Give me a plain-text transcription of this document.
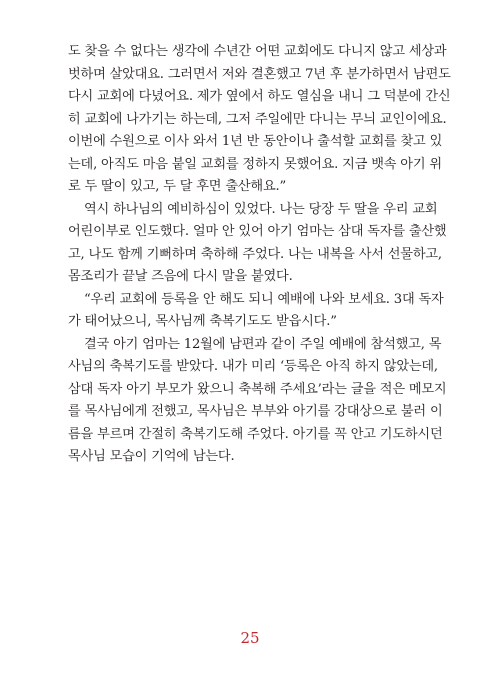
도 찾을 수 없다는 생각에 수년간 어떤 교회에도 다니지 않고 세상과
벗하며 살았대요. 그러면서 저와 결혼했고 7년 후 분가하면서 남편도
다시 교회에 다녔어요. 제가 옆에서 하도 열심을 내니 그 덕분에 간신
히 교회에 나가기는 하는데, 그저 주일에만 다니는 무늬 교인이에요.
이번에 수원으로 이사 와서 1년 반 동안이나 출석할 교회를 찾고 있
는데, 아직도 마음 붙일 교회를 정하지 못했어요. 지금 뱃속 아기 위
로 두 딸이 있고, 두 달 후면 출산해요.”

역시 하나님의 예비하심이 있었다. 나는 당장 두 딸을 우리 교회
어린이부로 인도했다. 얼마 안 있어 아기 엄마는 삼대 독자를 출산했
고, 나도 함께 기뻐하며 축하해 주었다. 나는 내복을 사서 선물하고,
몸조리가 끝날 즈음에 다시 말을 붙였다.

“우리 교회에 등록을 안 해도 되니 예배에 나와 보세요. 3대 독자
가 태어났으니, 목사님께 축복기도도 받읍시다.”

결국 아기 엄마는 12월에 남편과 같이 주일 예배에 참석했고, 목
사님의 축복기도를 받았다. 내가 미리 ‘등록은 아직 하지 않았는데,
삼대 독자 아기 부모가 왔으니 축복해 주세요’라는 글을 적은 메모지
를 목사님에게 전했고, 목사님은 부부와 아기를 강대상으로 불러 이
름을 부르며 간절히 축복기도해 주었다. 아기를 꼭 안고 기도하시던
목사님 모습이 기억에 남는다.

25
